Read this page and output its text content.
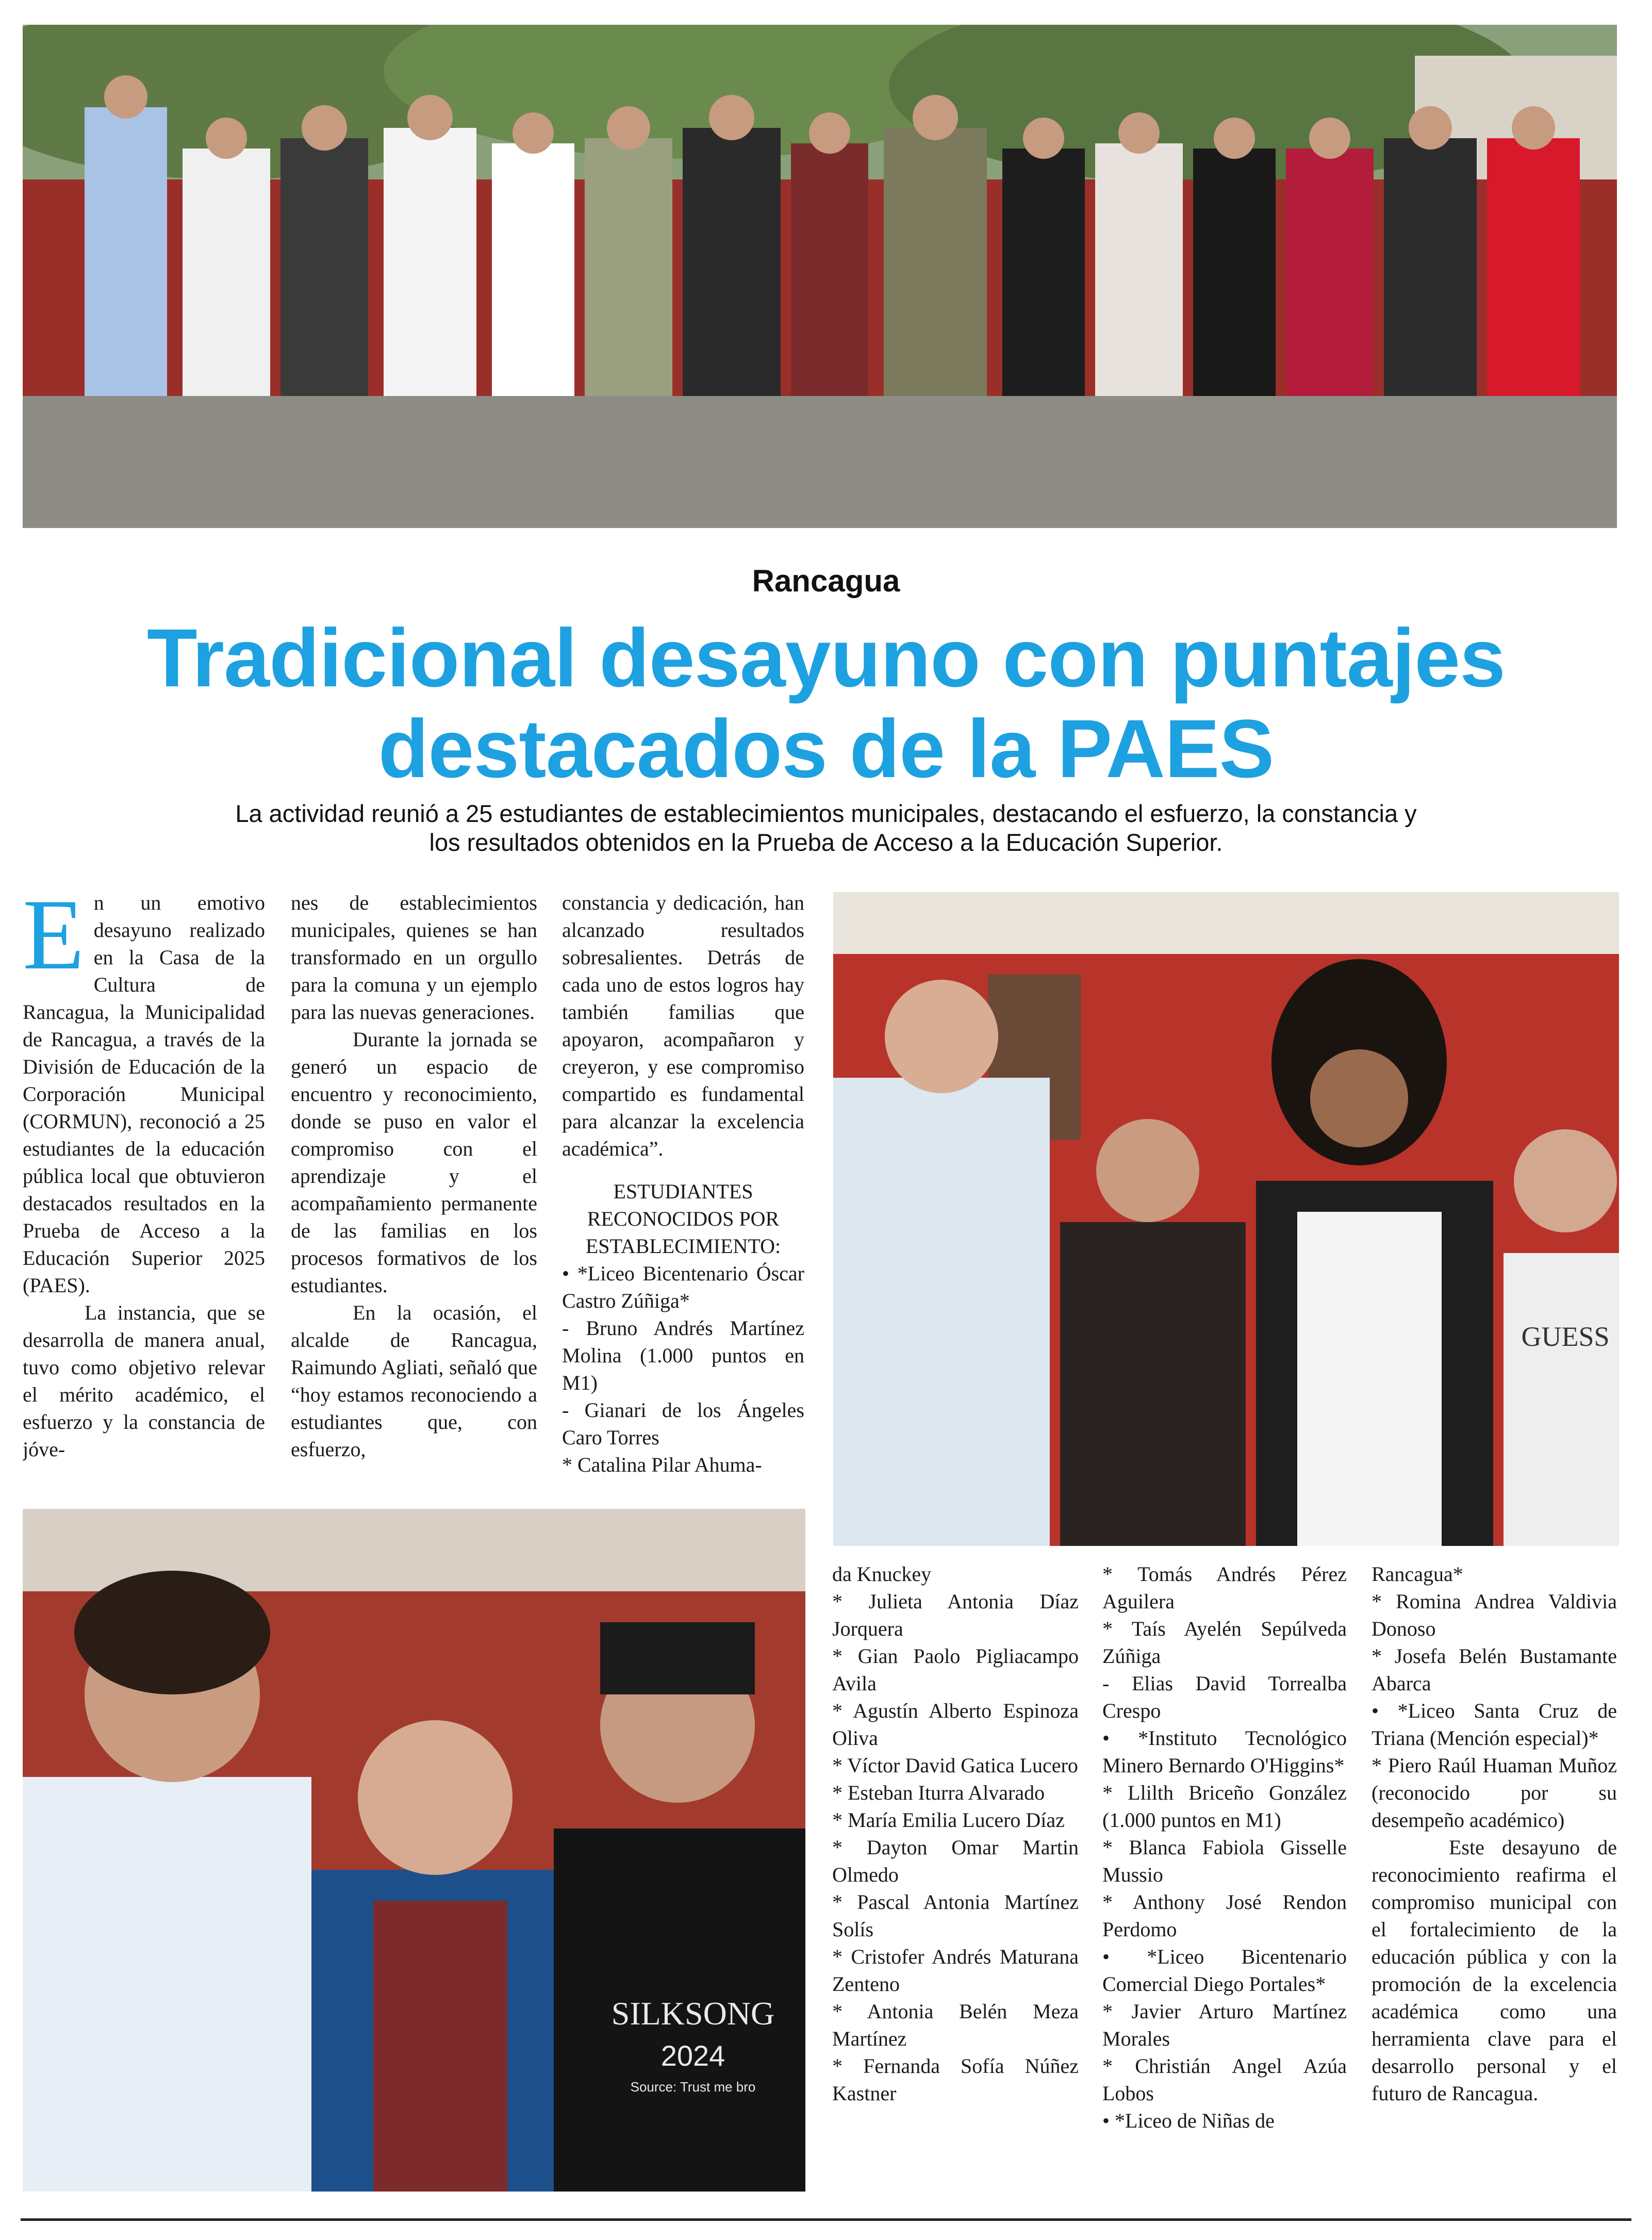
Rancagua
Tradicional desayuno con puntajes destacados de la PAES
La actividad reunió a 25 estudiantes de establecimientos municipales, destacando el esfuerzo, la constancia y los resultados obtenidos en la Prueba de Acceso a la Educación Superior.

En un emotivo desayuno realizado en la Casa de la Cultura de Rancagua, la Municipalidad de Rancagua, a través de la División de Educación de la Corporación Municipal (CORMUN), reconoció a 25 estudiantes de la educación pública local que obtuvieron destacados resultados en la Prueba de Acceso a la Educación Superior 2025 (PAES).

La instancia, que se desarrolla de manera anual, tuvo como objetivo relevar el mérito académico, el esfuerzo y la constancia de jóve-

nes de establecimientos municipales, quienes se han transformado en un orgullo para la comuna y un ejemplo para las nuevas generaciones.

Durante la jornada se generó un espacio de encuentro y reconocimiento, donde se puso en valor el compromiso con el aprendizaje y el acompañamiento permanente de las familias en los procesos formativos de los estudiantes.

En la ocasión, el alcalde de Rancagua, Raimundo Agliati, señaló que “hoy estamos reconociendo a estudiantes que, con esfuerzo,

constancia y dedicación, han alcanzado resultados sobresalientes. Detrás de cada uno de estos logros hay también familias que apoyaron, acompañaron y creyeron, y ese compromiso compartido es fundamental para alcanzar la excelencia académica”.

ESTUDIANTES RECONOCIDOS POR ESTABLECIMIENTO:

• *Liceo Bicentenario Óscar Castro Zúñiga*

- Bruno Andrés Martínez Molina (1.000 puntos en M1)

- Gianari de los Ángeles Caro Torres

* Catalina Pilar Ahuma-

GUESS
SILKSONG
2024
Source: Trust me bro

da Knuckey

* Julieta Antonia Díaz Jorquera

* Gian Paolo Pigliacampo Avila

* Agustín Alberto Espinoza Oliva

* Víctor David Gatica Lucero

* Esteban Iturra Alvarado

* María Emilia Lucero Díaz

* Dayton Omar Martin Olmedo

* Pascal Antonia Martínez Solís

* Cristofer Andrés Maturana Zenteno

* Antonia Belén Meza Martínez

* Fernanda Sofía Núñez Kastner

* Tomás Andrés Pérez Aguilera

* Taís Ayelén Sepúlveda Zúñiga

- Elias David Torrealba Crespo

• *Instituto Tecnológico Minero Bernardo O'Higgins*

* Llilth Briceño González (1.000 puntos en M1)

* Blanca Fabiola Gisselle Mussio

* Anthony José Rendon Perdomo

• *Liceo Bicentenario Comercial Diego Portales*

* Javier Arturo Martínez Morales

* Christián Angel Azúa Lobos

• *Liceo de Niñas de

Rancagua*

* Romina Andrea Valdivia Donoso

* Josefa Belén Bustamante Abarca

• *Liceo Santa Cruz de Triana (Mención especial)*

* Piero Raúl Huaman Muñoz (reconocido por su desempeño académico)

Este desayuno de reconocimiento reafirma el compromiso municipal con el fortalecimiento de la educación pública y con la promoción de la excelencia académica como una herramienta clave para el desarrollo personal y el futuro de Rancagua.
